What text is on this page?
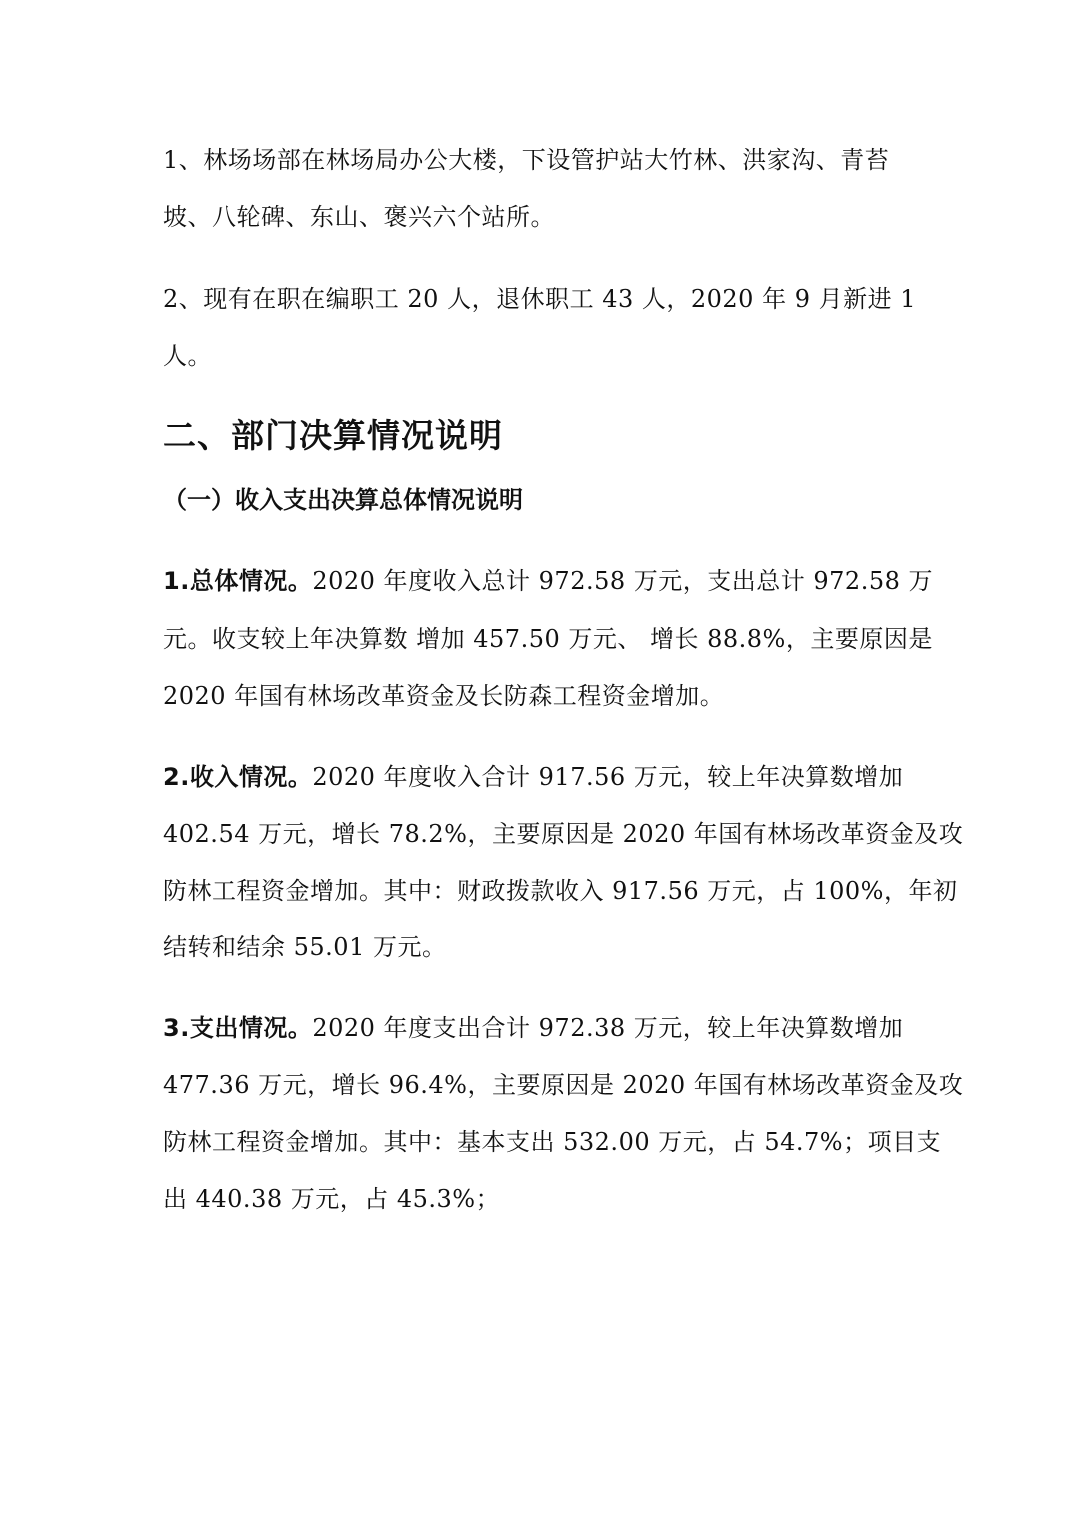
1、林场场部在林场局办公大楼，下设管护站大竹林、洪家沟、青苔
坡、八轮碑、东山、褒兴六个站所。
2、现有在职在编职工 20 人，退休职工 43 人，2020 年 9 月新进 1
人。
二、部门决算情况说明
（一）收入支出决算总体情况说明
1.总体情况。2020 年度收入总计 972.58 万元，支出总计 972.58 万
元。收支较上年决算数 增加 457.50 万元、 增长 88.8%，主要原因是
2020 年国有林场改革资金及长防森工程资金增加。
2.收入情况。2020 年度收入合计 917.56 万元，较上年决算数增加
402.54 万元，增长 78.2%，主要原因是 2020 年国有林场改革资金及攻
防林工程资金增加。其中：财政拨款收入 917.56 万元，占 100%，年初
结转和结余 55.01 万元。
3.支出情况。2020 年度支出合计 972.38 万元，较上年决算数增加
477.36 万元，增长 96.4%，主要原因是 2020 年国有林场改革资金及攻
防林工程资金增加。其中：基本支出 532.00 万元，占 54.7%；项目支
出 440.38 万元，占 45.3%；
